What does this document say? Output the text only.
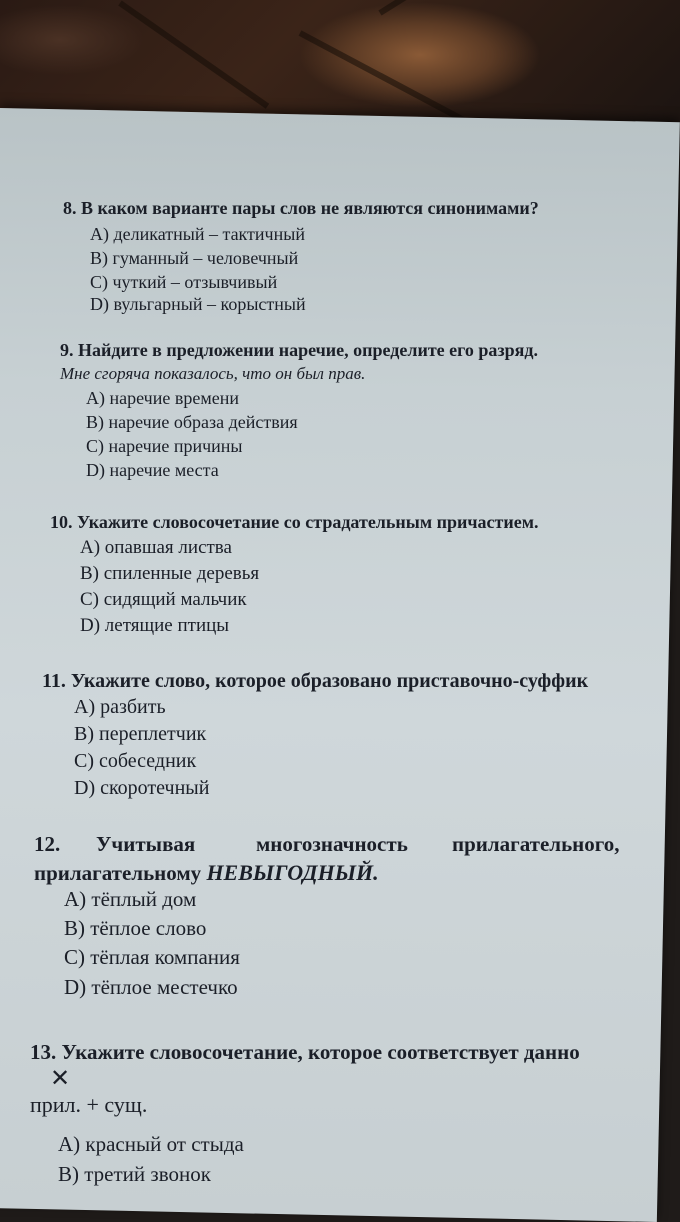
8. В каком варианте пары слов не являются синонимами?
А) деликатный – тактичный
В) гуманный – человечный
С) чуткий – отзывчивый
D) вульгарный – корыстный
9. Найдите в предложении наречие, определите его разряд.
Мне сгоряча показалось, что он был прав.
А) наречие времени
В) наречие образа действия
С) наречие причины
D) наречие места
10. Укажите словосочетание со страдательным причастием.
А) опавшая листва
В) спиленные деревья
С) сидящий мальчик
D) летящие птицы
11. Укажите слово, которое образовано приставочно-суффик
А) разбить
В) переплетчик
С) собеседник
D) скоротечный
12. Учитывая	многозначность прилагательного,
прилагательному НЕВЫГОДНЫЙ.
А) тёплый дом
В) тёплое слово
С) тёплая компания
D) тёплое местечко
13. Укажите словосочетание, которое соответствует данно
✕
прил. + сущ.
А) красный от стыда
В) третий звонок
